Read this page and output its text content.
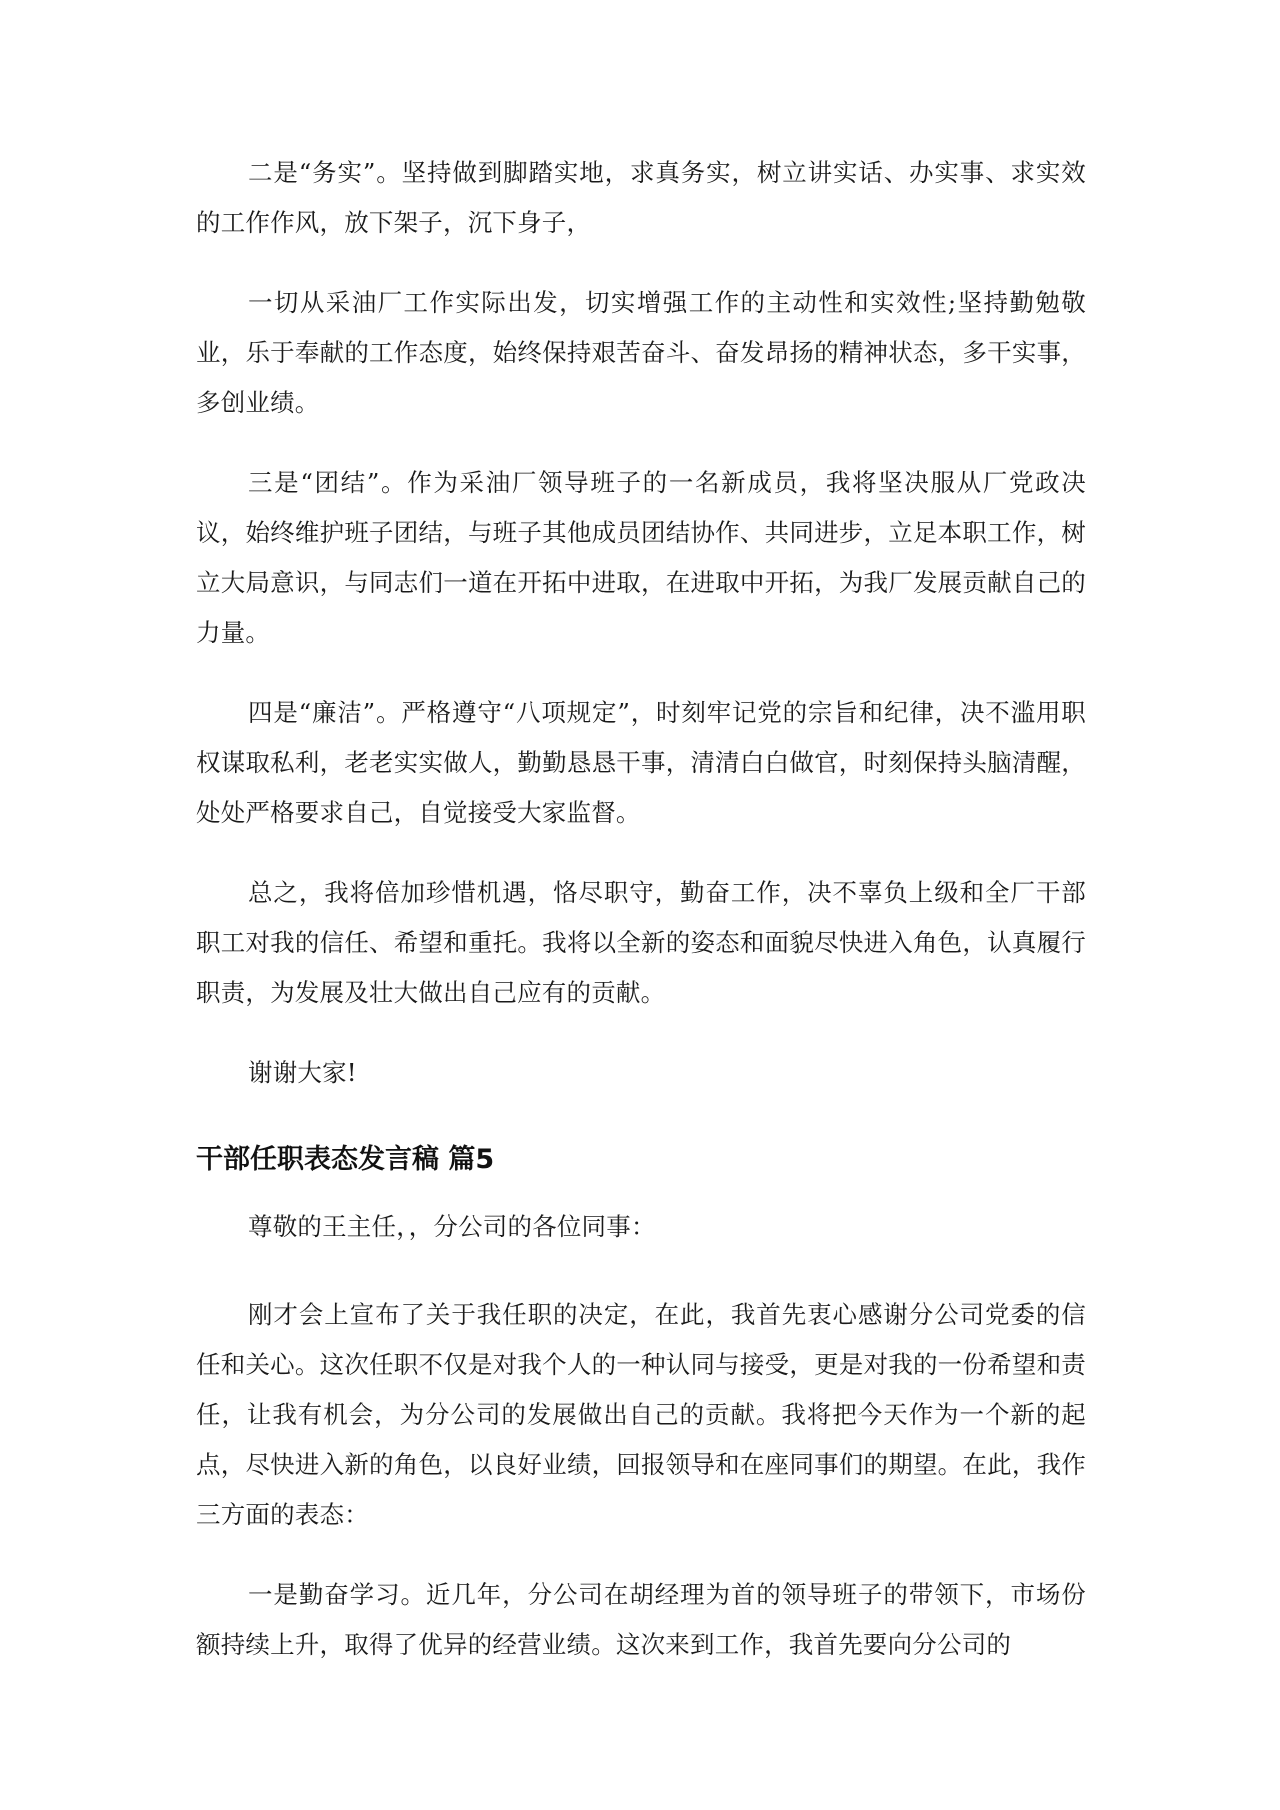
二是“务实”。坚持做到脚踏实地，求真务实，树立讲实话、办实事、求实效的工作作风，放下架子，沉下身子，

一切从采油厂工作实际出发，切实增强工作的主动性和实效性;坚持勤勉敬业，乐于奉献的工作态度，始终保持艰苦奋斗、奋发昂扬的精神状态，多干实事，多创业绩。

三是“团结”。作为采油厂领导班子的一名新成员，我将坚决服从厂党政决议，始终维护班子团结，与班子其他成员团结协作、共同进步，立足本职工作，树立大局意识，与同志们一道在开拓中进取，在进取中开拓，为我厂发展贡献自己的力量。

四是“廉洁”。严格遵守“八项规定”，时刻牢记党的宗旨和纪律，决不滥用职权谋取私利，老老实实做人，勤勤恳恳干事，清清白白做官，时刻保持头脑清醒，处处严格要求自己，自觉接受大家监督。

总之，我将倍加珍惜机遇，恪尽职守，勤奋工作，决不辜负上级和全厂干部职工对我的信任、希望和重托。我将以全新的姿态和面貌尽快进入角色，认真履行职责，为发展及壮大做出自己应有的贡献。

谢谢大家!

干部任职表态发言稿 篇5

尊敬的王主任，，分公司的各位同事：

刚才会上宣布了关于我任职的决定，在此，我首先衷心感谢分公司党委的信任和关心。这次任职不仅是对我个人的一种认同与接受，更是对我的一份希望和责任，让我有机会，为分公司的发展做出自己的贡献。我将把今天作为一个新的起点，尽快进入新的角色，以良好业绩，回报领导和在座同事们的期望。在此，我作三方面的表态：

一是勤奋学习。近几年，分公司在胡经理为首的领导班子的带领下，市场份额持续上升，取得了优异的经营业绩。这次来到工作，我首先要向分公司的
